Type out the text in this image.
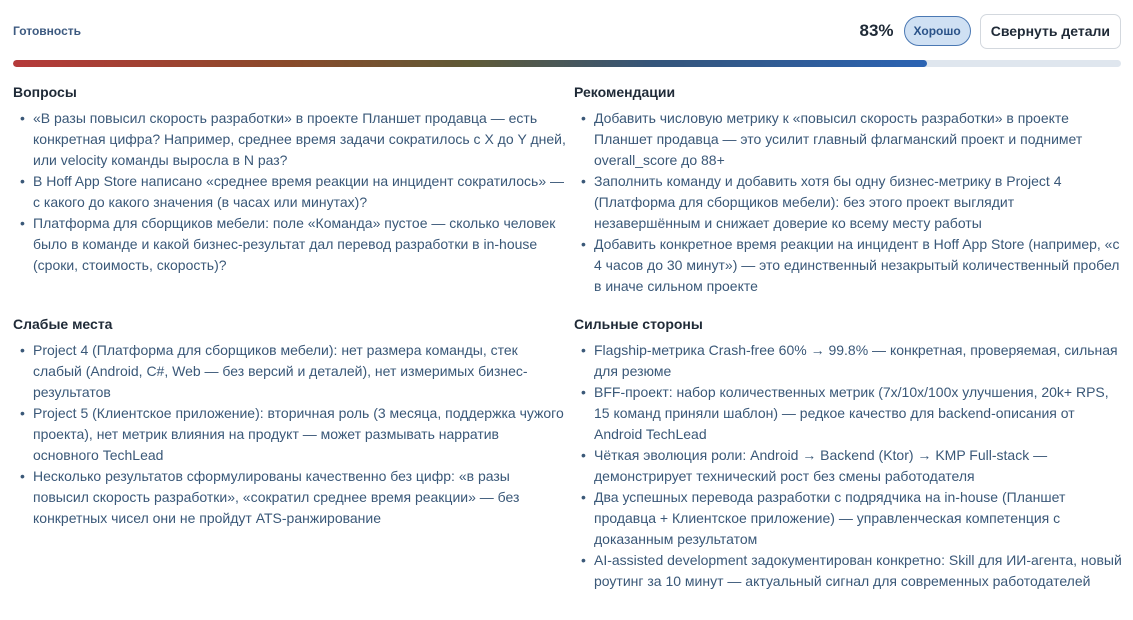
Готовность	83%	Хорошо	Свернуть детали
Вопросы
• «В разы повысил скорость разработки» в проекте Планшет продавца — есть конкретная цифра? Например, среднее время задачи сократилось с X до Y дней, или velocity команды выросла в N раз?
• В Hoff App Store написано «среднее время реакции на инцидент сократилось» — с какого до какого значения (в часах или минутах)?
• Платформа для сборщиков мебели: поле «Команда» пустое — сколько человек было в команде и какой бизнес-результат дал перевод разработки в in-house (сроки, стоимость, скорость)?
Рекомендации
• Добавить числовую метрику к «повысил скорость разработки» в проекте Планшет продавца — это усилит главный флагманский проект и поднимет overall_score до 88+
• Заполнить команду и добавить хотя бы одну бизнес-метрику в Project 4 (Платформа для сборщиков мебели): без этого проект выглядит незавершённым и снижает доверие ко всему месту работы
• Добавить конкретное время реакции на инцидент в Hoff App Store (например, «с 4 часов до 30 минут») — это единственный незакрытый количественный пробел в иначе сильном проекте
Слабые места
• Project 4 (Платформа для сборщиков мебели): нет размера команды, стек слабый (Android, C#, Web — без версий и деталей), нет измеримых бизнес-результатов
• Project 5 (Клиентское приложение): вторичная роль (3 месяца, поддержка чужого проекта), нет метрик влияния на продукт — может размывать нарратив основного TechLead
• Несколько результатов сформулированы качественно без цифр: «в разы повысил скорость разработки», «сократил среднее время реакции» — без конкретных чисел они не пройдут ATS-ранжирование
Сильные стороны
• Flagship-метрика Crash-free 60% → 99.8% — конкретная, проверяемая, сильная для резюме
• BFF-проект: набор количественных метрик (7x/10x/100x улучшения, 20k+ RPS, 15 команд приняли шаблон) — редкое качество для backend-описания от Android TechLead
• Чёткая эволюция роли: Android → Backend (Ktor) → KMP Full-stack — демонстрирует технический рост без смены работодателя
• Два успешных перевода разработки с подрядчика на in-house (Планшет продавца + Клиентское приложение) — управленческая компетенция с доказанным результатом
• AI-assisted development задокументирован конкретно: Skill для ИИ-агента, новый роутинг за 10 минут — актуальный сигнал для современных работодателей
